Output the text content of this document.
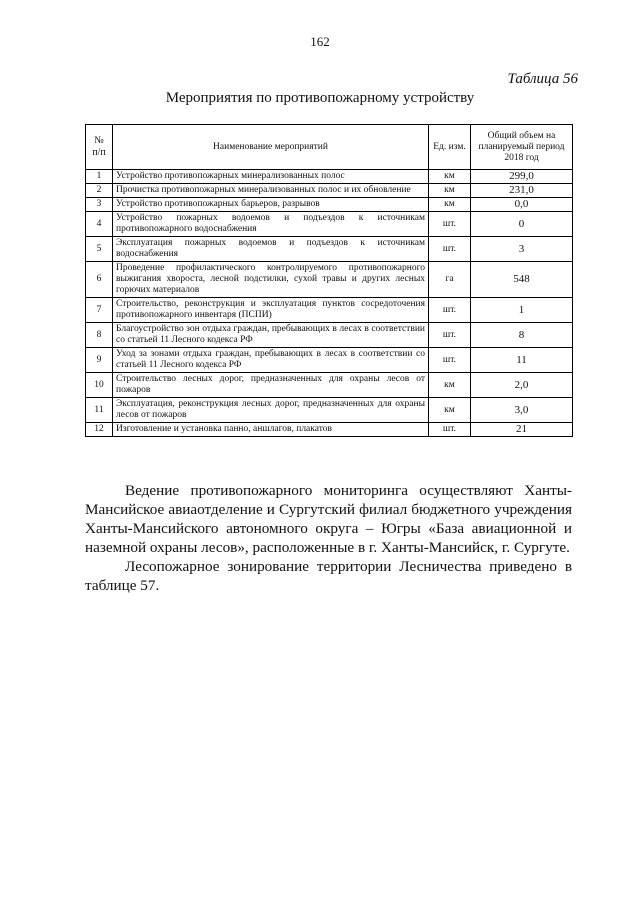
162
Таблица 56
Мероприятия по противопожарному устройству
№ п/п	Наименование мероприятий	Ед. изм.	Общий объем на планируемый период 2018 год
1	Устройство противопожарных минерализованных полос	км	299,0
2	Прочистка противопожарных минерализованных полос и их обновление	км	231,0
3	Устройство противопожарных барьеров, разрывов	км	0,0
4	Устройство пожарных водоемов и подъездов к источникам противопожарного водоснабжения	шт.	0
5	Эксплуатация пожарных водоемов и подъездов к источникам водоснабжения	шт.	3
6	Проведение профилактического контролируемого противопожарного выжигания хвороста, лесной подстилки, сухой травы и других лесных горючих материалов	га	548
7	Строительство, реконструкция и эксплуатация пунктов сосредоточения противопожарного инвентаря (ПСПИ)	шт.	1
8	Благоустройство зон отдыха граждан, пребывающих в лесах в соответствии со статьей 11 Лесного кодекса РФ	шт.	8
9	Уход за зонами отдыха граждан, пребывающих в лесах в соответствии со статьей 11 Лесного кодекса РФ	шт.	11
10	Строительство лесных дорог, предназначенных для охраны лесов от пожаров	км	2,0
11	Эксплуатация, реконструкция лесных дорог, предназначенных для охраны лесов от пожаров	км	3,0
12	Изготовление и установка панно, аншлагов, плакатов	шт.	21

Ведение противопожарного мониторинга осуществляют Ханты-Мансийское авиаотделение и Сургутский филиал бюджетного учреждения Ханты-Мансийского автономного округа – Югры «База авиационной и наземной охраны лесов», расположенные в г. Ханты-Мансийск, г. Сургуте.

Лесопожарное зонирование территории Лесничества приведено в таблице 57.
